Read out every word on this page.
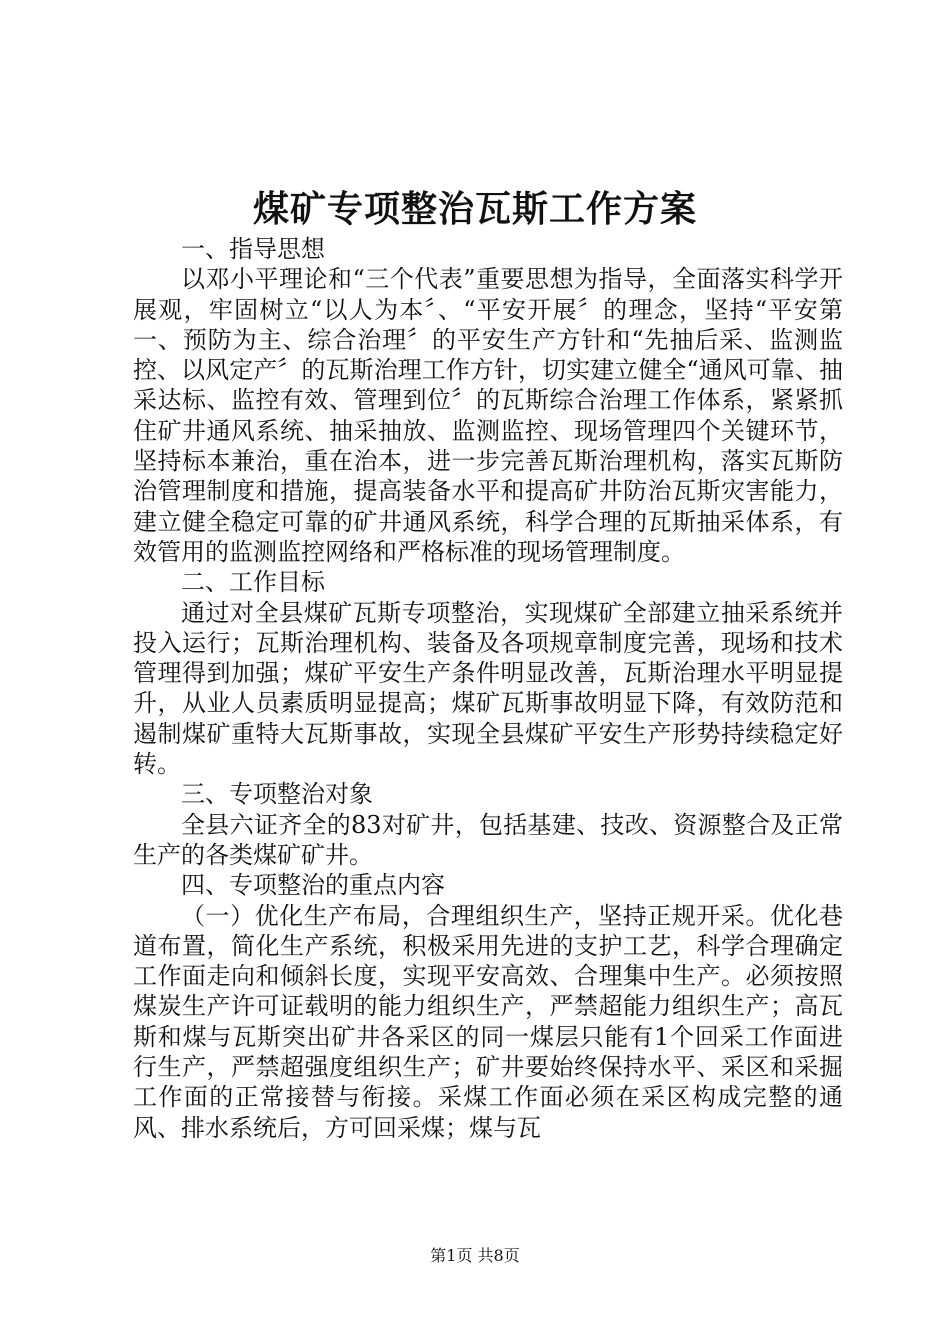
煤矿专项整治瓦斯工作方案

一、指导思想

以邓小平理论和“三个代表”重要思想为指导，全面落实科学开展观，牢固树立“以人为本〞、“平安开展〞的理念，坚持“平安第一、预防为主、综合治理〞的平安生产方针和“先抽后采、监测监控、以风定产〞的瓦斯治理工作方针，切实建立健全“通风可靠、抽采达标、监控有效、管理到位〞的瓦斯综合治理工作体系，紧紧抓住矿井通风系统、抽采抽放、监测监控、现场管理四个关键环节，坚持标本兼治，重在治本，进一步完善瓦斯治理机构，落实瓦斯防治管理制度和措施，提高装备水平和提高矿井防治瓦斯灾害能力，建立健全稳定可靠的矿井通风系统，科学合理的瓦斯抽采体系，有效管用的监测监控网络和严格标准的现场管理制度。

二、工作目标

通过对全县煤矿瓦斯专项整治，实现煤矿全部建立抽采系统并投入运行；瓦斯治理机构、装备及各项规章制度完善，现场和技术管理得到加强；煤矿平安生产条件明显改善，瓦斯治理水平明显提升，从业人员素质明显提高；煤矿瓦斯事故明显下降，有效防范和遏制煤矿重特大瓦斯事故，实现全县煤矿平安生产形势持续稳定好转。

三、专项整治对象

全县六证齐全的83对矿井，包括基建、技改、资源整合及正常生产的各类煤矿矿井。

四、专项整治的重点内容

（一）优化生产布局，合理组织生产，坚持正规开采。优化巷道布置，简化生产系统，积极采用先进的支护工艺，科学合理确定工作面走向和倾斜长度，实现平安高效、合理集中生产。必须按照煤炭生产许可证载明的能力组织生产，严禁超能力组织生产；高瓦斯和煤与瓦斯突出矿井各采区的同一煤层只能有1个回采工作面进行生产，严禁超强度组织生产；矿井要始终保持水平、采区和采掘工作面的正常接替与衔接。采煤工作面必须在采区构成完整的通风、排水系统后，方可回采煤；煤与瓦

第1页 共8页
